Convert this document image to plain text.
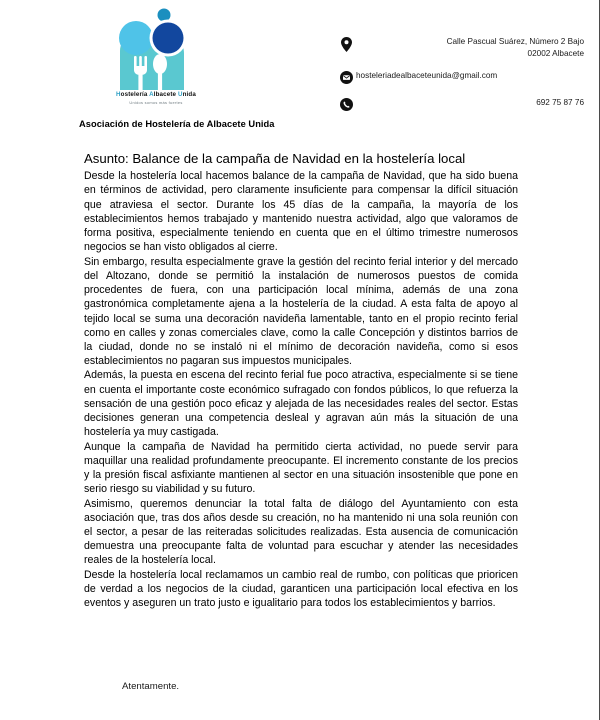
Hostelería Albacete Unida
Unidos somos más fuertes
Calle Pascual Suárez, Número 2 Bajo
02002 Albacete
hosteleriadealbaceteunida@gmail.com
692 75 87 76
Asociación de Hostelería de Albacete Unida
Asunto: Balance de la campaña de Navidad en la hostelería local

Desde la hostelería local hacemos balance de la campaña de Navidad, que ha sido buena en términos de actividad, pero claramente insuficiente para compensar la difícil situación que atraviesa el sector. Durante los 45 días de la campaña, la mayoría de los establecimientos hemos trabajado y mantenido nuestra actividad, algo que valoramos de forma positiva, especialmente teniendo en cuenta que en el último trimestre numerosos negocios se han visto obligados al cierre.

Sin embargo, resulta especialmente grave la gestión del recinto ferial interior y del mercado del Altozano, donde se permitió la instalación de numerosos puestos de comida procedentes de fuera, con una participación local mínima, además de una zona gastronómica completamente ajena a la hostelería de la ciudad. A esta falta de apoyo al tejido local se suma una decoración navideña lamentable, tanto en el propio recinto ferial como en calles y zonas comerciales clave, como la calle Concepción y distintos barrios de la ciudad, donde no se instaló ni el mínimo de decoración navideña, como si esos establecimientos no pagaran sus impuestos municipales.

Además, la puesta en escena del recinto ferial fue poco atractiva, especialmente si se tiene en cuenta el importante coste económico sufragado con fondos públicos, lo que refuerza la sensación de una gestión poco eficaz y alejada de las necesidades reales del sector. Estas decisiones generan una competencia desleal y agravan aún más la situación de una hostelería ya muy castigada.

Aunque la campaña de Navidad ha permitido cierta actividad, no puede servir para maquillar una realidad profundamente preocupante. El incremento constante de los precios y la presión fiscal asfixiante mantienen al sector en una situación insostenible que pone en serio riesgo su viabilidad y su futuro.

Asimismo, queremos denunciar la total falta de diálogo del Ayuntamiento con esta asociación que, tras dos años desde su creación, no ha mantenido ni una sola reunión con el sector, a pesar de las reiteradas solicitudes realizadas. Esta ausencia de comunicación demuestra una preocupante falta de voluntad para escuchar y atender las necesidades reales de la hostelería local.

Desde la hostelería local reclamamos un cambio real de rumbo, con políticas que prioricen de verdad a los negocios de la ciudad, garanticen una participación local efectiva en los eventos y aseguren un trato justo e igualitario para todos los establecimientos y barrios.

Atentamente.
